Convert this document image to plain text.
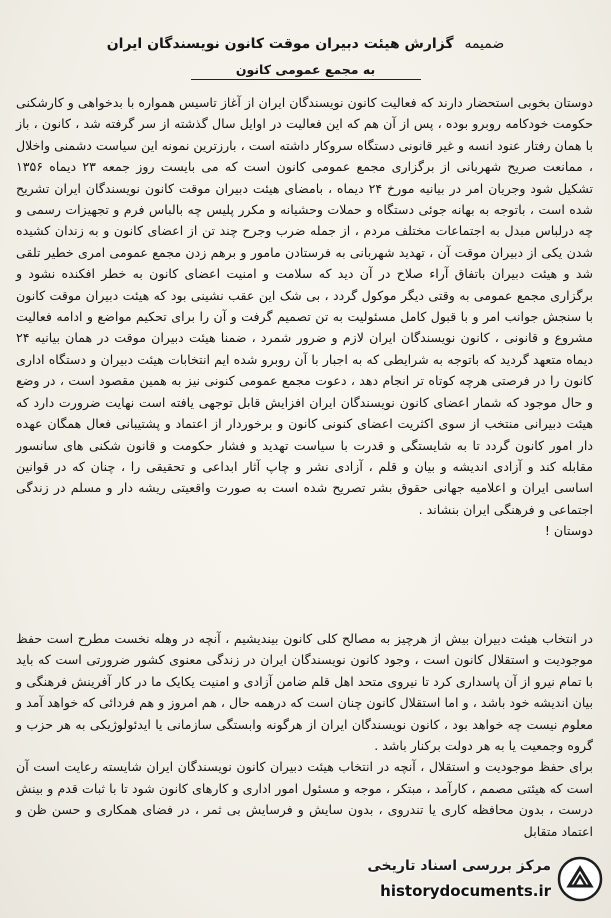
ضمیمه گزارش هیئت دبیران موقت کانون نویسندگان ایران
به مجمع عمومی کانون

دوستان بخوبی استحضار دارند که فعالیت کانون نویسندگان ایران از آغاز تاسیس همواره با بدخواهی و کارشکنی حکومت خودکامه روبرو بوده ، پس از آن هم که این فعالیت در اوایل سال گذشته از سر گرفته شد ، کانون ، باز با همان رفتار عنود انسه و غیر قانونی دستگاه سروکار داشته است ، بارزترین نمونه این سیاست دشمنی واخلال ، ممانعت صریح شهربانی از برگزاری مجمع عمومی کانون است که می بایست روز جمعه ۲۳ دیماه ۱۳۵۶ تشکیل شود وجریان امر در بیانیه مورخ ۲۴ دیماه ، بامضای هیئت دبیران موقت کانون نویسندگان ایران تشریح شده است ، باتوجه به بهانه جوئی دستگاه و حملات وحشیانه و مکرر پلیس چه بالباس فرم و تجهیزات رسمی و چه درلباس مبدل به اجتماعات مختلف مردم ، از جمله ضرب وجرح چند تن از اعضای کانون و به زندان کشیده شدن یکی از دبیران موقت آن ، تهدید شهربانی به فرستادن مامور و برهم زدن مجمع عمومی امری خطیر تلقی شد و هیئت دبیران باتفاق آراء صلاح در آن دید که سلامت و امنیت اعضای کانون به خطر افکنده نشود و برگزاری مجمع عمومی به وقتی دیگر موکول گردد ، بی شک این عقب نشینی بود که هیئت دبیران موقت کانون با سنجش جوانب امر و با قبول کامل مسئولیت به تن تصمیم گرفت و آن را برای تحکیم مواضع و ادامه فعالیت مشروع و قانونی ، کانون نویسندگان ایران لازم و ضرور شمرد ، ضمنا هیئت دبیران موقت در همان بیانیه ۲۴ دیماه متعهد گردید که باتوجه به شرایطی که به اجبار با آن روبرو شده ایم انتخابات هیئت دبیران و دستگاه اداری کانون را در فرصتی هرچه کوتاه تر انجام دهد ، دعوت مجمع عمومی کنونی نیز به همین مقصود است ، در وضع و حال موجود که شمار اعضای کانون نویسندگان ایران افزایش قابل توجهی یافته است نهایت ضرورت دارد که هیئت دبیرانی منتخب از سوی اکثریت اعضای کنونی کانون و برخوردار از اعتماد و پشتیبانی فعال همگان عهده دار امور کانون گردد تا به شایستگی و قدرت با سیاست تهدید و فشار حکومت و قانون شکنی های سانسور مقابله کند و آزادی اندیشه و بیان و قلم ، آزادی نشر و چاپ آثار ابداعی و تحقیقی را ، چنان که در قوانین اساسی ایران و اعلامیه جهانی حقوق بشر تصریح شده است به صورت واقعیتی ریشه دار و مسلم در زندگی اجتماعی و فرهنگی ایران بنشاند .

دوستان !

در انتخاب هیئت دبیران بیش از هرچیز به مصالح کلی کانون بیندیشیم ، آنچه در وهله نخست مطرح است حفظ موجودیت و استقلال کانون است ، وجود کانون نویسندگان ایران در زندگی معنوی کشور ضرورتی است که باید با تمام نیرو از آن پاسداری کرد تا نیروی متحد اهل قلم ضامن آزادی و امنیت یکایک ما در کار آفرینش فرهنگی و بیان اندیشه خود باشد ، و اما استقلال کانون چنان است که درهمه حال ، هم امروز و هم فردائی که خواهد آمد و معلوم نیست چه خواهد بود ، کانون نویسندگان ایران از هرگونه وابستگی سازمانی یا ایدئولوژیکی به هر حزب و گروه وجمعیت یا به هر دولت برکنار باشد .

برای حفظ موجودیت و استقلال ، آنچه در انتخاب هیئت دبیران کانون نویسندگان ایران شایسته رعایت است آن است که هیئتی مصمم ، کارآمد ، مبتکر ، موجه و مسئول امور اداری و کارهای کانون شود تا با ثبات قدم و بینش درست ، بدون محافظه کاری یا تندروی ، بدون سایش و فرسایش بی ثمر ، در فضای همکاری و حسن ظن و اعتماد متقابل

مرکز بررسی اسناد تاریخی
historydocuments.ir
